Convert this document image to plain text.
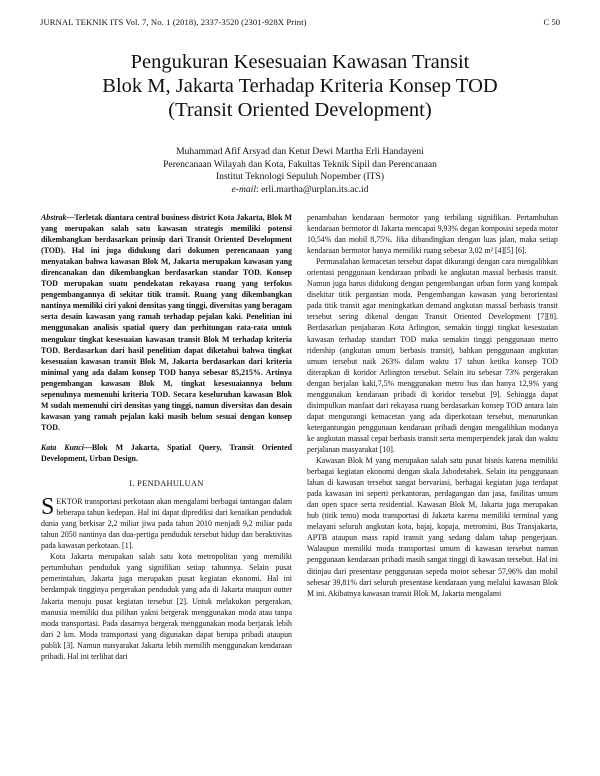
JURNAL TEKNIK ITS Vol. 7, No. 1 (2018), 2337-3520 (2301-928X Print)	C 50
Pengukuran Kesesuaian Kawasan Transit
Blok M, Jakarta Terhadap Kriteria Konsep TOD
(Transit Oriented Development)
Muhammad Afif Arsyad dan Ketut Dewi Martha Erli Handayeni
Perencanaan Wilayah dan Kota, Fakultas Teknik Sipil dan Perencanaan
Institut Teknologi Sepuluh Nopember (ITS)
e-mail: erli.martha@urplan.its.ac.id

Abstrak—Terletak diantara central business district Kota Jakarta, Blok M yang merupakan salah satu kawasan strategis memiliki potensi dikembangkan berdasarkan prinsip dari Transit Oriented Development (TOD). Hal ini juga didukung dari dokumen perencanaan yang menyatakan bahwa kawasan Blok M, Jakarta merupakan kawasan yang direncanakan dan dikembangkan berdasarkan standar TOD. Konsep TOD merupakan suatu pendekatan rekayasa ruang yang terfokus pengembangannya di sekitar titik transit. Ruang yang dikembangkan nantinya memiliki ciri yakni densitas yang tinggi, diversitas yang beragam serta desain kawasan yang ramah terhadap pejalan kaki. Penelitian ini menggunakan analisis spatial query dan perhitungan rata-rata untuk mengukur tingkat kesesuaian kawasan transit Blok M terhadap kriteria TOD. Berdasarkan dari hasil penelitian dapat diketahui bahwa tingkat kesesuaian kawasan transit Blok M, Jakarta berdasarkan dari kriteria minimal yang ada dalam konsep TOD hanya sebesar 85,215%. Artinya pengembangan kawasan Blok M, tingkat kesesuaiannya belum sepenuhnya memenuhi kriteria TOD. Secara keseluruhan kawasan Blok M sudah memenuhi ciri densitas yang tinggi, namun diversitas dan desain kawasan yang ramah pejalan kaki masih belum sesuai dengan konsep TOD.

Kata Kunci—Blok M Jakarta, Spatial Query, Transit Oriented Development, Urban Design.

I. PENDAHULUAN

SEKTOR transportasi perkotaan akan mengalami berbagai tantangan dalam beberapa tahun kedepan. Hal ini dapat diprediksi dari kenaikan penduduk dunia yang berkisar 2,2 miliar jiwa pada tahun 2010 menjadi 9,2 miliar pada tahun 2050 nantinya dan dua-pertiga penduduk tersebut hidup dan beraktivitas pada kawasan perkotaan. [1].

Kota Jakarta merupakan salah satu kota metropolitan yang memiliki pertumbuhan penduduk yang signifikan setiap tahunnya. Selain pusat pemerintahan, Jakarta juga merupakan pusat kegiatan ekonomi. Hal ini berdampak tingginya pergerakan penduduk yang ada di Jakarta maupun outter Jakarta menuju pusat kegiatan tersebut [2]. Untuk melakukan pergerakan, manusia memiliki dua pilihan yakni bergerak menggunakan moda atau tanpa moda transportasi. Pada dasarnya bergerak menggunakan moda berjarak lebih dari 2 km. Moda transportasi yang digunakan dapat berupa pribadi ataupun publik [3]. Namun masyarakat Jakarta lebih memilih menggunakan kendaraan pribadi. Hal ini terlihat dari

penambahan kendaraan bermotor yang terbilang signifikan. Pertambuhan kendaraan bermotor di Jakarta mencapai 9,93% degan komposisi sepeda motor 10,54% dan mobil 8,75%. Jika dibandingkan dengan luas jalan, maka setiap kendaraan bermotor hanya memiliki ruang sebesar 3,02 m² [4][5] [6].

Permasalahan kemacetan tersebut dapat dikurangi dengan cara mengalihkan orientasi penggunaan kendaraan pribadi ke angkutan massal berbasis transit. Namun juga harus didukung dengan pengembangan urban form yang kompak disekitar titik pergantian moda. Pengembangan kawasan yang berorientasi pada titik transit agar meningkatkan demand angkutan massal berbasis transit tersebut sering dikenal dengan Transit Oriented Development [7][8]. Berdasarkan penjabaran Kota Arlington, semakin tinggi tingkat kesesuaian kawasan terhadap standart TOD maka semakin tinggi penggunaan metro ridership (angkutan umum berbasis transit), bahkan penggunaan angkutan umum tersebut naik 263% dalam waktu 17 tahun ketika konsep TOD diterapkan di koridor Arlington tersebut. Selain itu sebesar 73% pergerakan dengan berjalan kaki,7,5% menggunakan metro bus dan hanya 12,9% yang menggunakan kendaraan pribadi di koridor tersebut [9]. Sehingga dapat disimpulkan manfaat dari rekayasa ruang berdasarkan konsep TOD antara lain dapat mengurangi kemacetan yang ada diperkotaan tersebut, menurunkan ketergantungan penggunaan kendaraan pribadi dengan mengalihkan modanya ke angkutan massal cepat berbasis transit serta memperpendek jarak dan waktu perjalanan masyarakat [10].

Kawasan Blok M yang merupakan salah satu pusat bisnis karena memiliki berbagai kegiatan ekonomi dengan skala Jabodetabek. Selain itu penggunaan lahan di kawasan tersebut sangat bervariasi, berbagai kegiatan juga terdapat pada kawasan ini seperti perkantoran, perdagangan dan jasa, fasilitas umum dan open space serta residential. Kawasan Blok M, Jakarta juga merupakan hub (titik temu) moda transportasi di Jakarta karena memiliki terminal yang melayani seluruh angkutan kota, bajaj, kopaja, metromini, Bus Transjakarta, APTB ataupun mass rapid transit yang sedang dalam tahap pengerjaan. Walaupun memiliki moda transportasi umum di kawasan tersebut namun penggunaan kendaraan pribadi masih sangat tinggi di kawasan tersebut. Hal ini ditinjau dari presentase penggunaan sepeda motor sebesar 57,96% dan mobil sebesar 39,81% dari seluruh presentase kendaraan yang melalui kawasan Blok M ini. Akibatnya kawasan transit Blok M, Jakarta mengalami
